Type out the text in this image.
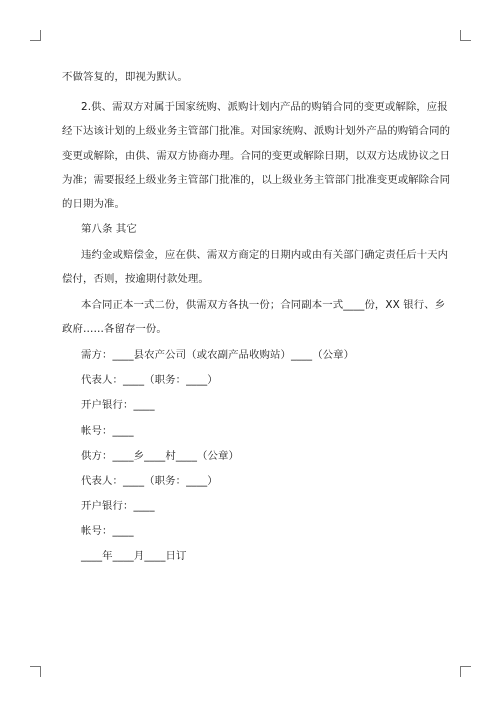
不做答复的，即视为默认。
2.供、需双方对属于国家统购、派购计划内产品的购销合同的变更或解除，应报
经下达该计划的上级业务主管部门批准。对国家统购、派购计划外产品的购销合同的
变更或解除，由供、需双方协商办理。合同的变更或解除日期，以双方达成协议之日
为准；需要报经上级业务主管部门批准的，以上级业务主管部门批准变更或解除合同
的日期为准。
第八条 其它
违约金或赔偿金，应在供、需双方商定的日期内或由有关部门确定责任后十天内
偿付，否则，按逾期付款处理。
本合同正本一式二份，供需双方各执一份；合同副本一式____份，XX 银行、乡
政府……各留存一份。
需方：____县农产公司（或农副产品收购站）____（公章）
代表人：____（职务：____）
开户银行：____
帐号：____
供方：____乡____村____（公章）
代表人：____（职务：____）
开户银行：____
帐号：____
____年____月____日订
